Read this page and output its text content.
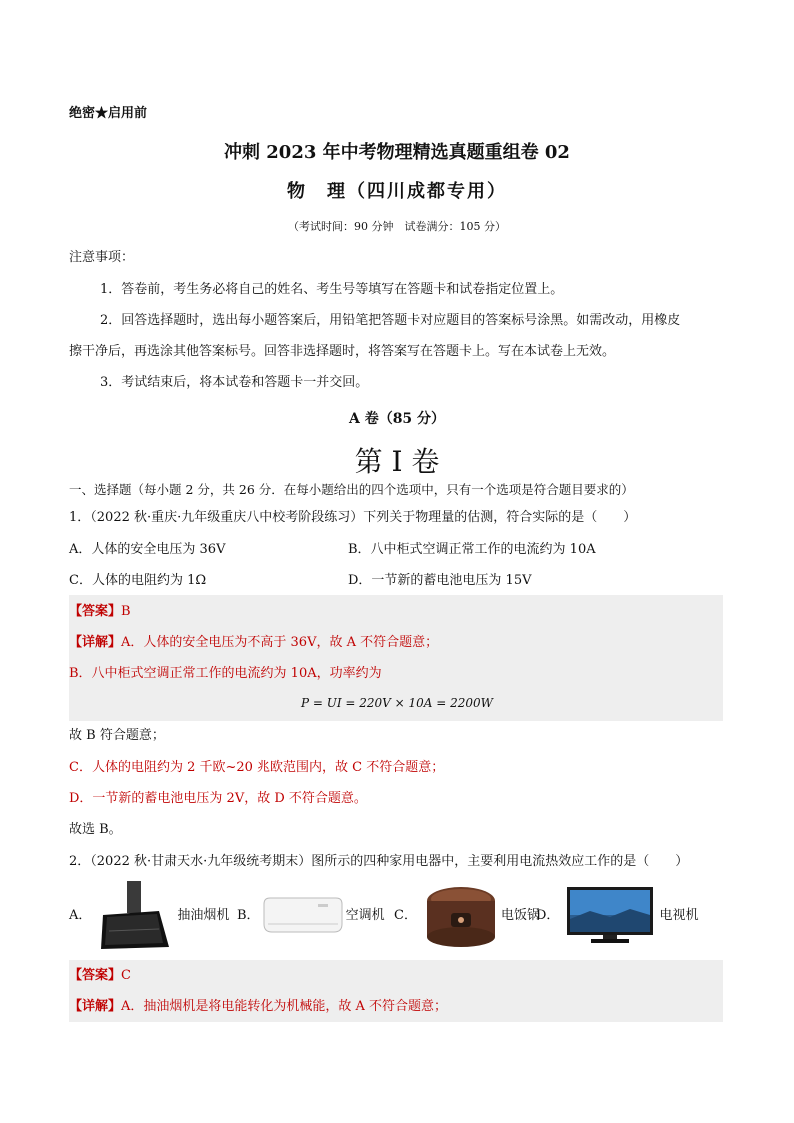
绝密★启用前
冲刺 2023 年中考物理精选真题重组卷 02
物　理（四川成都专用）
（考试时间：90 分钟　试卷满分：105 分）
注意事项：
1．答卷前，考生务必将自己的姓名、考生号等填写在答题卡和试卷指定位置上。
2．回答选择题时，选出每小题答案后，用铅笔把答题卡对应题目的答案标号涂黑。如需改动，用橡皮
擦干净后，再选涂其他答案标号。回答非选择题时，将答案写在答题卡上。写在本试卷上无效。
3．考试结束后，将本试卷和答题卡一并交回。
A 卷（85 分）
第 I 卷
一、选择题（每小题 2 分，共 26 分．在每小题给出的四个选项中，只有一个选项是符合题目要求的）
1．（2022 秋·重庆·九年级重庆八中校考阶段练习）下列关于物理量的估测，符合实际的是（　　）
A．人体的安全电压为 36V	B．八中柜式空调正常工作的电流约为 10A
C．人体的电阻约为 1Ω	D．一节新的蓄电池电压为 15V
【答案】B
【详解】A．人体的安全电压为不高于 36V，故 A 不符合题意；
B．八中柜式空调正常工作的电流约为 10A，功率约为
P = UI = 220V × 10A = 2200W
故 B 符合题意；
C．人体的电阻约为 2 千欧~20 兆欧范围内，故 C 不符合题意；
D．一节新的蓄电池电压为 2V，故 D 不符合题意。
故选 B。
2．（2022 秋·甘肃天水·九年级统考期末）图所示的四种家用电器中，主要利用电流热效应工作的是（　　）
A．	抽油烟机 B．	空调机 C．	电饭锅
D．	电视机
【答案】C
【详解】A．抽油烟机是将电能转化为机械能，故 A 不符合题意；
